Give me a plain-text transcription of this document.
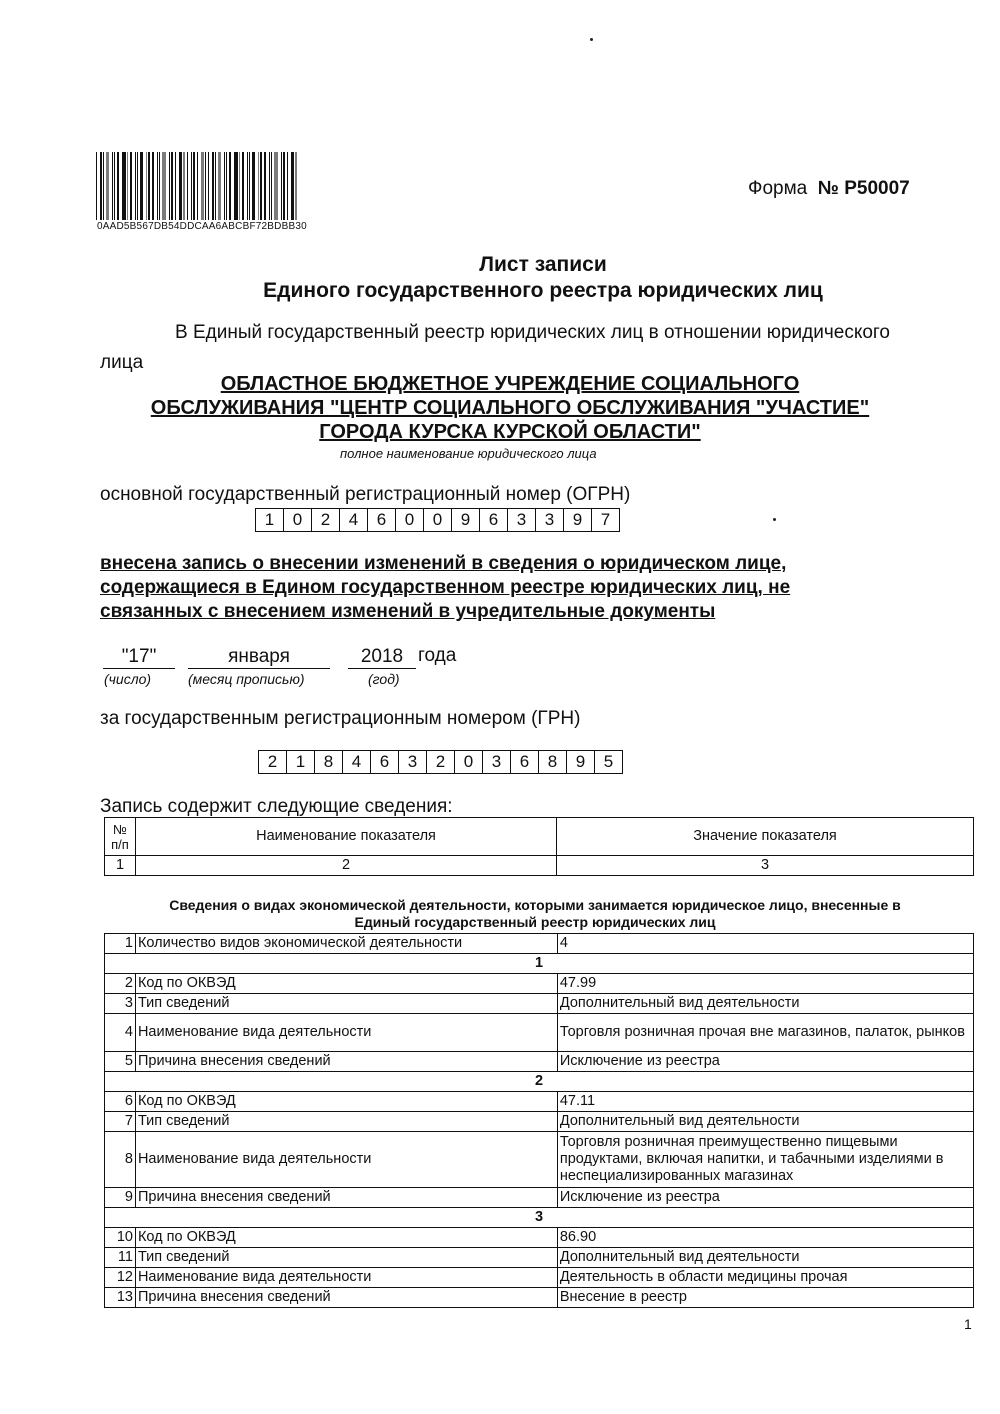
0AAD5B567DB54DDCAA6ABCBF72BDBB30
Форма № Р50007
Лист записи
Единого государственного реестра юридических лиц
В Единый государственный реестр юридических лиц в отношении юридического
лица
ОБЛАСТНОЕ БЮДЖЕТНОЕ УЧРЕЖДЕНИЕ СОЦИАЛЬНОГО
ОБСЛУЖИВАНИЯ "ЦЕНТР СОЦИАЛЬНОГО ОБСЛУЖИВАНИЯ "УЧАСТИЕ"
ГОРОДА КУРСКА КУРСКОЙ ОБЛАСТИ"
полное наименование юридического лица
основной государственный регистрационный номер (ОГРН)
1	0	2	4	6	0	0	9	6	3	3	9	7
внесена запись о внесении изменений в сведения о юридическом лице,
содержащиеся в Едином государственном реестре юридических лиц, не
связанных с внесением изменений в учредительные документы
"17"	января	2018 года
(число)	(месяц прописью)	(год)
за государственным регистрационным номером (ГРН)
2	1	8	4	6	3	2	0	3	6	8	9	5
Запись содержит следующие сведения:
№ п/п	Наименование показателя	Значение показателя
1	2	3
Сведения о видах экономической деятельности, которыми занимается юридическое лицо, внесенные в
Единый государственный реестр юридических лиц
1	Количество видов экономической деятельности	4
1		
2	Код по ОКВЭД	47.99
3	Тип сведений	Дополнительный вид деятельности
4	Наименование вида деятельности	Торговля розничная прочая вне магазинов, палаток, рынков
5	Причина внесения сведений	Исключение из реестра
2		
6	Код по ОКВЭД	47.11
7	Тип сведений	Дополнительный вид деятельности
8	Наименование вида деятельности	Торговля розничная преимущественно пищевыми продуктами, включая напитки, и табачными изделиями в неспециализированных магазинах
9	Причина внесения сведений	Исключение из реестра
3		
10	Код по ОКВЭД	86.90
11	Тип сведений	Дополнительный вид деятельности
12	Наименование вида деятельности	Деятельность в области медицины прочая
13	Причина внесения сведений	Внесение в реестр
1
